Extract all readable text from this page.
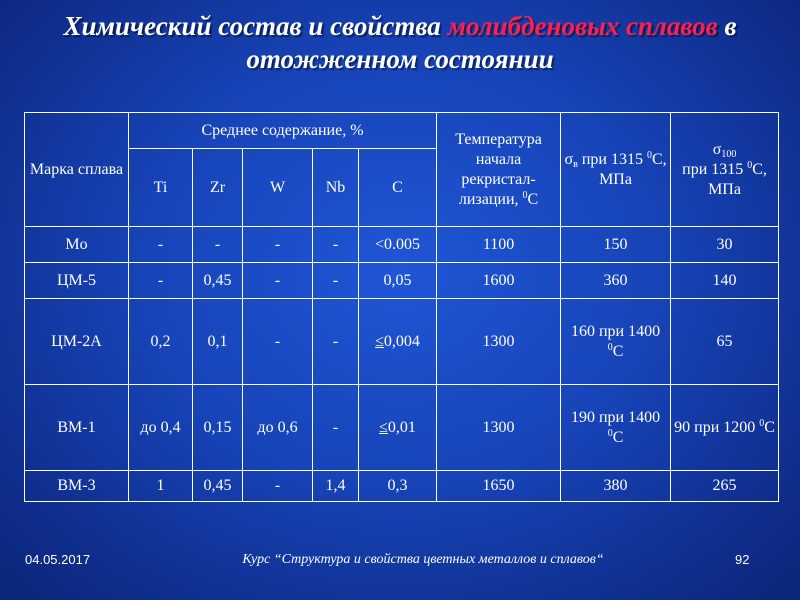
Химический состав и свойства молибденовых сплавов в отожженном состоянии
Марка сплава	Среднее содержание, %					Температура начала рекристал-лизации, $^0$C	$\sigma_в$ при 1315 $^0$C, МПа	$\sigma_{100}$
при 1315 $^0$C, МПа
	Ti	Zr	W	Nb	C			
Mo	-	-	-	-	<0.005	1100	150	30
ЦМ-5	-	0,45	-	-	0,05	1600	360	140
ЦМ-2А	0,2	0,1	-	-	≤0,004	1300	160 при 1400 $^0$C	65
ВМ-1	до 0,4	0,15	до 0,6	-	≤0,01	1300	190 при 1400 $^0$C	90 при 1200 $^0$C
ВМ-3	1	0,45	-	1,4	0,3	1650	380	265
04.05.2017	Курс “Структура и свойства цветных металлов и сплавов“	92
